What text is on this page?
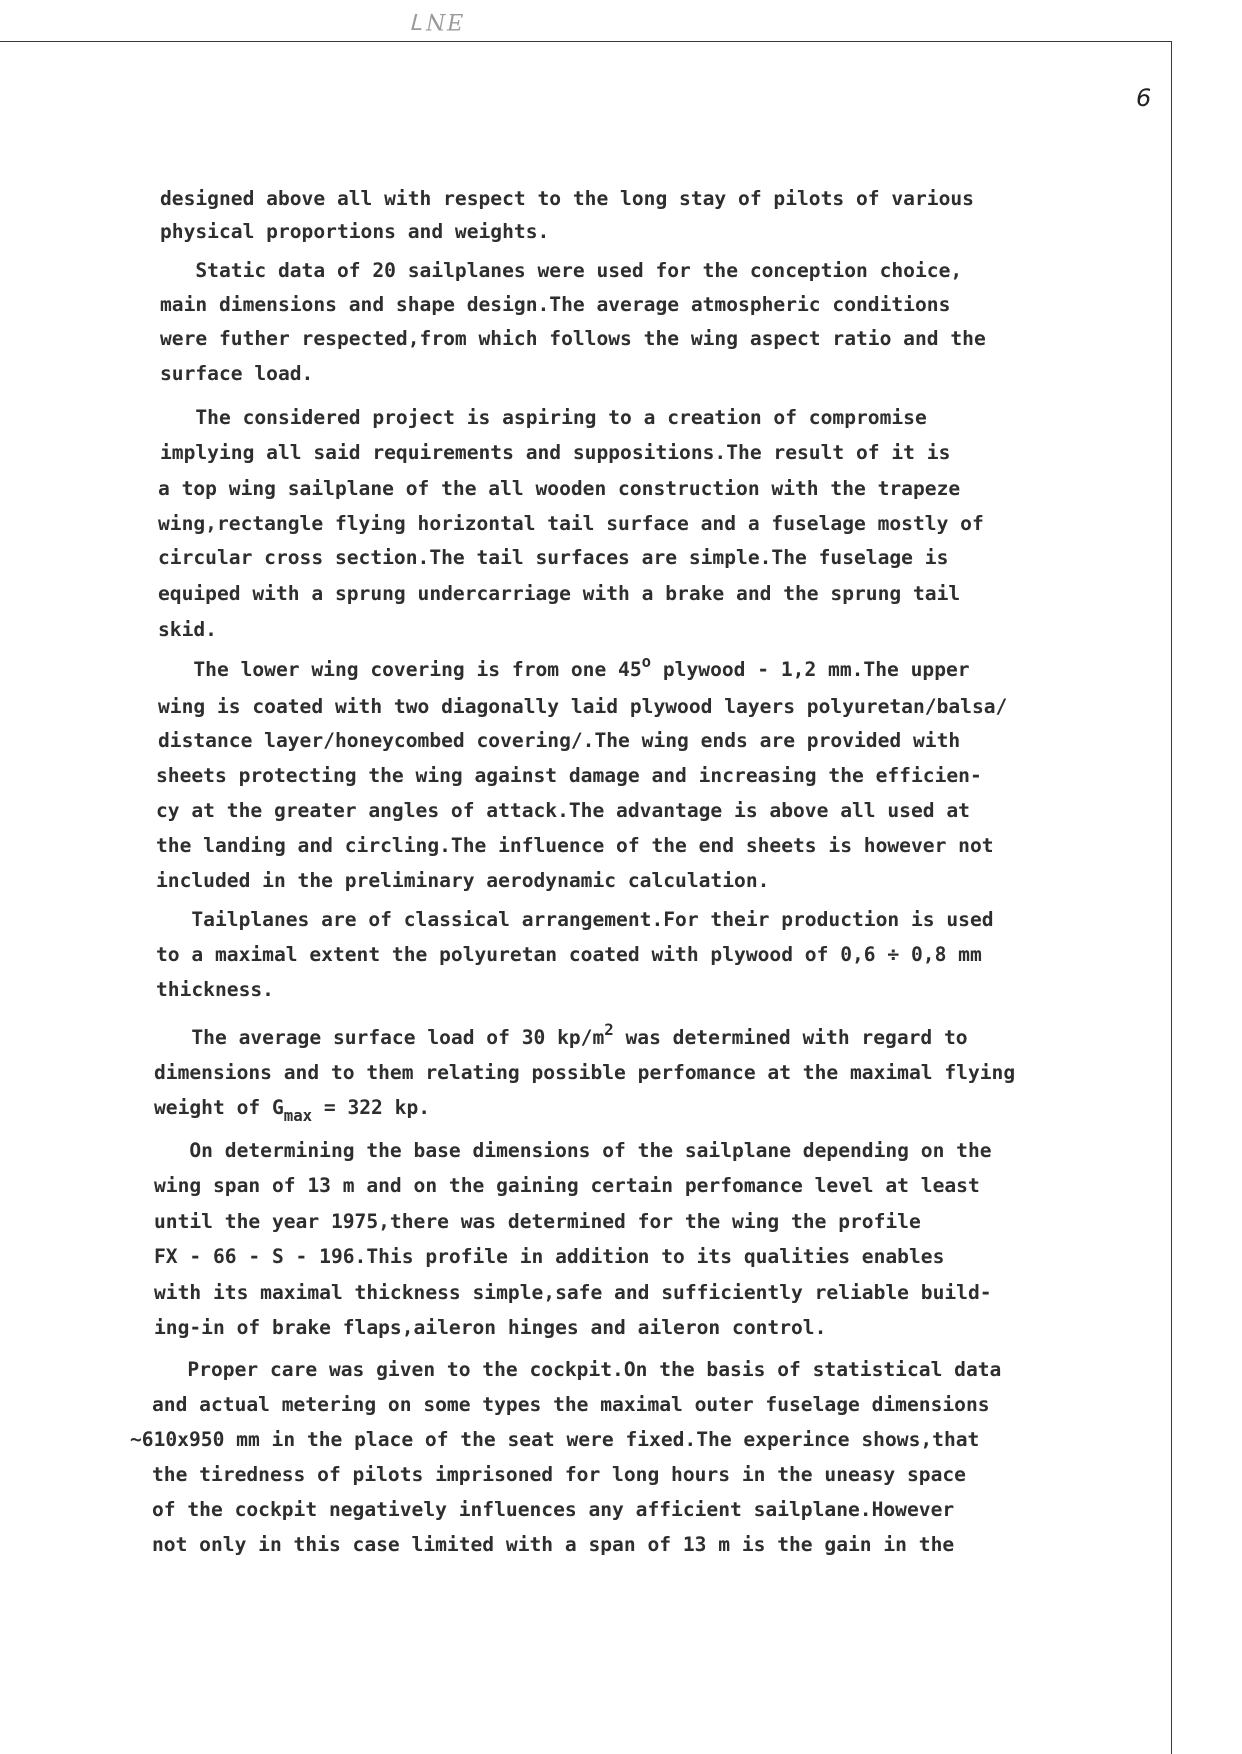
ƎNꓶ
6
designed above all with respect to the long stay of pilots of various
physical proportions and weights.
Static data of 20 sailplanes were used for the conception choice,
main dimensions and shape design.The average atmospheric conditions
were futher respected,from which follows the wing aspect ratio and the
surface load.
The considered project is aspiring to a creation of compromise
implying all said requirements and suppositions.The result of it is
a top wing sailplane of the all wooden construction with the trapeze
wing,rectangle flying horizontal tail surface and a fuselage mostly of
circular cross section.The tail surfaces are simple.The fuselage is
equiped with a sprung undercarriage with a brake and the sprung tail
skid.
The lower wing covering is from one 45$^o$ plywood - 1,2 mm.The upper
wing is coated with two diagonally laid plywood layers polyuretan/balsa/
distance layer/honeycombed covering/.The wing ends are provided with
sheets protecting the wing against damage and increasing the efficien-
cy at the greater angles of attack.The advantage is above all used at
the landing and circling.The influence of the end sheets is however not
included in the preliminary aerodynamic calculation.
Tailplanes are of classical arrangement.For their production is used
to a maximal extent the polyuretan coated with plywood of 0,6 ÷ 0,8 mm
thickness.
The average surface load of 30 $kp/m^2$ was determined with regard to
dimensions and to them relating possible perfomance at the maximal flying
weight of $G_{max} = 322$ kp.
On determining the base dimensions of the sailplane depending on the
wing span of 13 m and on the gaining certain perfomance level at least
until the year 1975,there was determined for the wing the profile
FX - 66 - S - 196.This profile in addition to its qualities enables
with its maximal thickness simple,safe and sufficiently reliable build-
ing-in of brake flaps,aileron hinges and aileron control.
Proper care was given to the cockpit.On the basis of statistical data
and actual metering on some types the maximal outer fuselage dimensions
~610x950 mm in the place of the seat were fixed.The experince shows,that
the tiredness of pilots imprisoned for long hours in the uneasy space
of the cockpit negatively influences any afficient sailplane.However
not only in this case limited with a span of 13 m is the gain in the
